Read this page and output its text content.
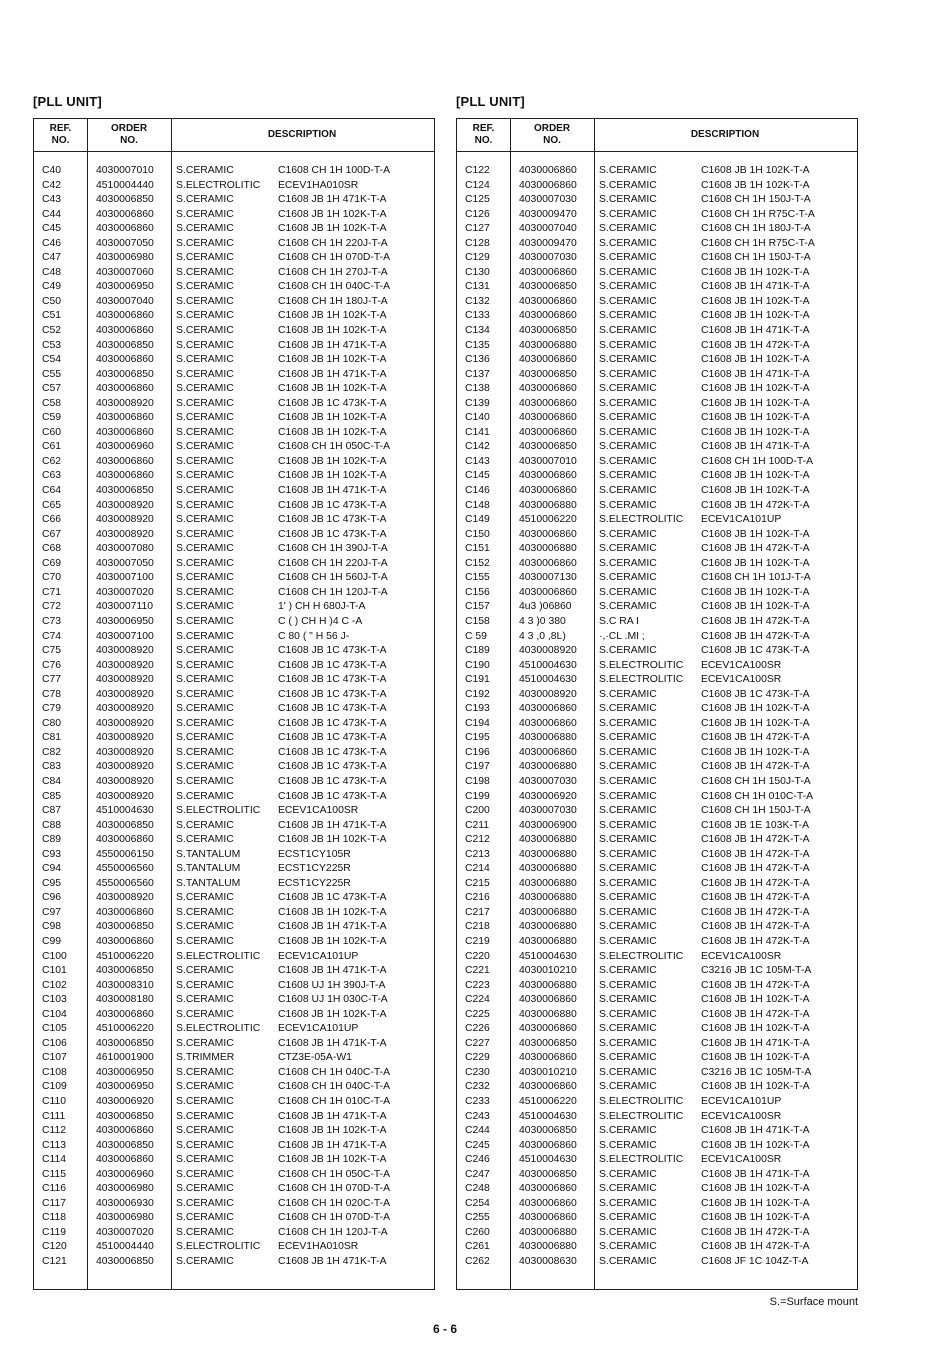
[PLL UNIT]	[PLL UNIT]
REF.
NO.
ORDER
NO.
DESCRIPTION
C40	4030007010 S.CERAMIC	C1608 CH 1H 100D-T-A
C42	4510004440 S.ELECTROLITIC ECEV1HA010SR
C43	4030006850 S.CERAMIC	C1608 JB 1H 471K-T-A
C44	4030006860 S.CERAMIC	C1608 JB 1H 102K-T-A
C45	4030006860 S.CERAMIC	C1608 JB 1H 102K-T-A
C46	4030007050 S.CERAMIC	C1608 CH 1H 220J-T-A
C47	4030006980 S.CERAMIC	C1608 CH 1H 070D-T-A
C48	4030007060 S.CERAMIC	C1608 CH 1H 270J-T-A
C49	4030006950 S.CERAMIC	C1608 CH 1H 040C-T-A
C50	4030007040 S.CERAMIC	C1608 CH 1H 180J-T-A
C51	4030006860 S.CERAMIC	C1608 JB 1H 102K-T-A
C52	4030006860 S.CERAMIC	C1608 JB 1H 102K-T-A
C53	4030006850 S.CERAMIC	C1608 JB 1H 471K-T-A
C54	4030006860 S.CERAMIC	C1608 JB 1H 102K-T-A
C55	4030006850 S.CERAMIC	C1608 JB 1H 471K-T-A
C57	4030006860 S.CERAMIC	C1608 JB 1H 102K-T-A
C58	4030008920 S.CERAMIC	C1608 JB 1C 473K-T-A
C59	4030006860 S.CERAMIC	C1608 JB 1H 102K-T-A
C60	4030006860 S.CERAMIC	C1608 JB 1H 102K-T-A
C61	4030006960 S.CERAMIC	C1608 CH 1H 050C-T-A
C62	4030006860 S.CERAMIC	C1608 JB 1H 102K-T-A
C63	4030006860 S.CERAMIC	C1608 JB 1H 102K-T-A
C64	4030006850 S.CERAMIC	C1608 JB 1H 471K-T-A
C65	4030008920 S.CERAMIC	C1608 JB 1C 473K-T-A
C66	4030008920 S.CERAMIC	C1608 JB 1C 473K-T-A
C67	4030008920 S.CERAMIC	C1608 JB 1C 473K-T-A
C68	4030007080 S.CERAMIC	C1608 CH 1H 390J-T-A
C69	4030007050 S.CERAMIC	C1608 CH 1H 220J-T-A
C70	4030007100 S.CERAMIC	C1608 CH 1H 560J-T-A
C71	4030007020 S.CERAMIC	C1608 CH 1H 120J-T-A
C72	4030007110 S.CERAMIC	1' ) CH H 680J-T-A
C73	4030006950 S.CERAMIC	C ( ) CH H )4 C -A
C74	4030007100 S.CERAMIC	C 80 ( " H 56 J-
C75	4030008920 S.CERAMIC	C1608 JB 1C 473K-T-A
C76	4030008920 S.CERAMIC	C1608 JB 1C 473K-T-A
C77	4030008920 S.CERAMIC	C1608 JB 1C 473K-T-A
C78	4030008920 S.CERAMIC	C1608 JB 1C 473K-T-A
C79	4030008920 S.CERAMIC	C1608 JB 1C 473K-T-A
C80	4030008920 S.CERAMIC	C1608 JB 1C 473K-T-A
C81	4030008920 S.CERAMIC	C1608 JB 1C 473K-T-A
C82	4030008920 S.CERAMIC	C1608 JB 1C 473K-T-A
C83	4030008920 S.CERAMIC	C1608 JB 1C 473K-T-A
C84	4030008920 S.CERAMIC	C1608 JB 1C 473K-T-A
C85	4030008920 S.CERAMIC	C1608 JB 1C 473K-T-A
C87	4510004630 S.ELECTROLITIC ECEV1CA100SR
C88	4030006850 S.CERAMIC	C1608 JB 1H 471K-T-A
C89	4030006860 S.CERAMIC	C1608 JB 1H 102K-T-A
C93	4550006150 S.TANTALUM	ECST1CY105R
C94	4550006560 S.TANTALUM	ECST1CY225R
C95	4550006560 S.TANTALUM	ECST1CY225R
C96	4030008920 S.CERAMIC	C1608 JB 1C 473K-T-A
C97	4030006860 S.CERAMIC	C1608 JB 1H 102K-T-A
C98	4030006850 S.CERAMIC	C1608 JB 1H 471K-T-A
C99	4030006860 S.CERAMIC	C1608 JB 1H 102K-T-A
C100	4510006220 S.ELECTROLITIC ECEV1CA101UP
C101	4030006850 S.CERAMIC	C1608 JB 1H 471K-T-A
C102	4030008310 S.CERAMIC	C1608 UJ 1H 390J-T-A
C103	4030008180 S.CERAMIC	C1608 UJ 1H 030C-T-A
C104	4030006860 S.CERAMIC	C1608 JB 1H 102K-T-A
C105	4510006220 S.ELECTROLITIC ECEV1CA101UP
C106	4030006850 S.CERAMIC	C1608 JB 1H 471K-T-A
C107	4610001900 S.TRIMMER	CTZ3E-05A-W1
C108	4030006950 S.CERAMIC	C1608 CH 1H 040C-T-A
C109	4030006950 S.CERAMIC	C1608 CH 1H 040C-T-A
C110	4030006920 S.CERAMIC	C1608 CH 1H 010C-T-A
C111	4030006850 S.CERAMIC	C1608 JB 1H 471K-T-A
C112	4030006860 S.CERAMIC	C1608 JB 1H 102K-T-A
C113	4030006850 S.CERAMIC	C1608 JB 1H 471K-T-A
C114	4030006860 S.CERAMIC	C1608 JB 1H 102K-T-A
C115	4030006960 S.CERAMIC	C1608 CH 1H 050C-T-A
C116	4030006980 S.CERAMIC	C1608 CH 1H 070D-T-A
C117	4030006930 S.CERAMIC	C1608 CH 1H 020C-T-A
C118	4030006980 S.CERAMIC	C1608 CH 1H 070D-T-A
C119	4030007020 S.CERAMIC	C1608 CH 1H 120J-T-A
C120	4510004440 S.ELECTROLITIC ECEV1HA010SR
C121	4030006850 S.CERAMIC	C1608 JB 1H 471K-T-A
REF.
NO.
ORDER
NO.
DESCRIPTION
C122	4030006860 S.CERAMIC	C1608 JB 1H 102K-T-A
C124	4030006860 S.CERAMIC	C1608 JB 1H 102K-T-A
C125	4030007030 S.CERAMIC	C1608 CH 1H 150J-T-A
C126	4030009470 S.CERAMIC	C1608 CH 1H R75C-T-A
C127	4030007040 S.CERAMIC	C1608 CH 1H 180J-T-A
C128	4030009470 S.CERAMIC	C1608 CH 1H R75C-T-A
C129	4030007030 S.CERAMIC	C1608 CH 1H 150J-T-A
C130	4030006860 S.CERAMIC	C1608 JB 1H 102K-T-A
C131	4030006850 S.CERAMIC	C1608 JB 1H 471K-T-A
C132	4030006860 S.CERAMIC	C1608 JB 1H 102K-T-A
C133	4030006860 S.CERAMIC	C1608 JB 1H 102K-T-A
C134	4030006850 S.CERAMIC	C1608 JB 1H 471K-T-A
C135	4030006880 S.CERAMIC	C1608 JB 1H 472K-T-A
C136	4030006860 S.CERAMIC	C1608 JB 1H 102K-T-A
C137	4030006850 S.CERAMIC	C1608 JB 1H 471K-T-A
C138	4030006860 S.CERAMIC	C1608 JB 1H 102K-T-A
C139	4030006860 S.CERAMIC	C1608 JB 1H 102K-T-A
C140	4030006860 S.CERAMIC	C1608 JB 1H 102K-T-A
C141	4030006860 S.CERAMIC	C1608 JB 1H 102K-T-A
C142	4030006850 S.CERAMIC	C1608 JB 1H 471K-T-A
C143	4030007010 S.CERAMIC	C1608 CH 1H 100D-T-A
C145	4030006860 S.CERAMIC	C1608 JB 1H 102K-T-A
C146	4030006860 S.CERAMIC	C1608 JB 1H 102K-T-A
C148	4030006880 S.CERAMIC	C1608 JB 1H 472K-T-A
C149	4510006220 S.ELECTROLITIC ECEV1CA101UP
C150	4030006860 S.CERAMIC	C1608 JB 1H 102K-T-A
C151	4030006880 S.CERAMIC	C1608 JB 1H 472K-T-A
C152	4030006860 S.CERAMIC	C1608 JB 1H 102K-T-A
C155	4030007130 S.CERAMIC	C1608 CH 1H 101J-T-A
C156	4030006860 S.CERAMIC	C1608 JB 1H 102K-T-A
C157	4u3 )06860	S.CERAMIC	C1608 JB 1H 102K-T-A
C158	4 3 )0 380	S.C RA I	C1608 JB 1H 472K-T-A
C 59	4 3 ,0 ,8L)	·,·CL .MI ;	C1608 JB 1H 472K-T-A
C189	4030008920 S.CERAMIC	C1608 JB 1C 473K-T-A
C190	4510004630 S.ELECTROLITIC ECEV1CA100SR
C191	4510004630 S.ELECTROLITIC ECEV1CA100SR
C192	4030008920 S.CERAMIC	C1608 JB 1C 473K-T-A
C193	4030006860 S.CERAMIC	C1608 JB 1H 102K-T-A
C194	4030006860 S.CERAMIC	C1608 JB 1H 102K-T-A
C195	4030006880 S.CERAMIC	C1608 JB 1H 472K-T-A
C196	4030006860 S.CERAMIC	C1608 JB 1H 102K-T-A
C197	4030006880 S.CERAMIC	C1608 JB 1H 472K-T-A
C198	4030007030 S.CERAMIC	C1608 CH 1H 150J-T-A
C199	4030006920 S.CERAMIC	C1608 CH 1H 010C-T-A
C200	4030007030 S.CERAMIC	C1608 CH 1H 150J-T-A
C211	4030006900 S.CERAMIC	C1608 JB 1E 103K-T-A
C212	4030006880 S.CERAMIC	C1608 JB 1H 472K-T-A
C213	4030006880 S.CERAMIC	C1608 JB 1H 472K-T-A
C214	4030006880 S.CERAMIC	C1608 JB 1H 472K-T-A
C215	4030006880 S.CERAMIC	C1608 JB 1H 472K-T-A
C216	4030006880 S.CERAMIC	C1608 JB 1H 472K-T-A
C217	4030006880 S.CERAMIC	C1608 JB 1H 472K-T-A
C218	4030006880 S.CERAMIC	C1608 JB 1H 472K-T-A
C219	4030006880 S.CERAMIC	C1608 JB 1H 472K-T-A
C220	4510004630 S.ELECTROLITIC ECEV1CA100SR
C221	4030010210 S.CERAMIC	C3216 JB 1C 105M-T-A
C223	4030006880 S.CERAMIC	C1608 JB 1H 472K-T-A
C224	4030006860 S.CERAMIC	C1608 JB 1H 102K-T-A
C225	4030006880 S.CERAMIC	C1608 JB 1H 472K-T-A
C226	4030006860 S.CERAMIC	C1608 JB 1H 102K-T-A
C227	4030006850 S.CERAMIC	C1608 JB 1H 471K-T-A
C229	4030006860 S.CERAMIC	C1608 JB 1H 102K-T-A
C230	4030010210 S.CERAMIC	C3216 JB 1C 105M-T-A
C232	4030006860 S.CERAMIC	C1608 JB 1H 102K-T-A
C233	4510006220 S.ELECTROLITIC ECEV1CA101UP
C243	4510004630 S.ELECTROLITIC ECEV1CA100SR
C244	4030006850 S.CERAMIC	C1608 JB 1H 471K-T-A
C245	4030006860 S.CERAMIC	C1608 JB 1H 102K-T-A
C246	4510004630 S.ELECTROLITIC ECEV1CA100SR
C247	4030006850 S.CERAMIC	C1608 JB 1H 471K-T-A
C248	4030006860 S.CERAMIC	C1608 JB 1H 102K-T-A
C254	4030006860 S.CERAMIC	C1608 JB 1H 102K-T-A
C255	4030006860 S.CERAMIC	C1608 JB 1H 102K-T-A
C260	4030006880 S.CERAMIC	C1608 JB 1H 472K-T-A
C261	4030006880 S.CERAMIC	C1608 JB 1H 472K-T-A
C262	4030008630 S.CERAMIC	C1608 JF 1C 104Z-T-A
S.=Surface mount
6 - 6
